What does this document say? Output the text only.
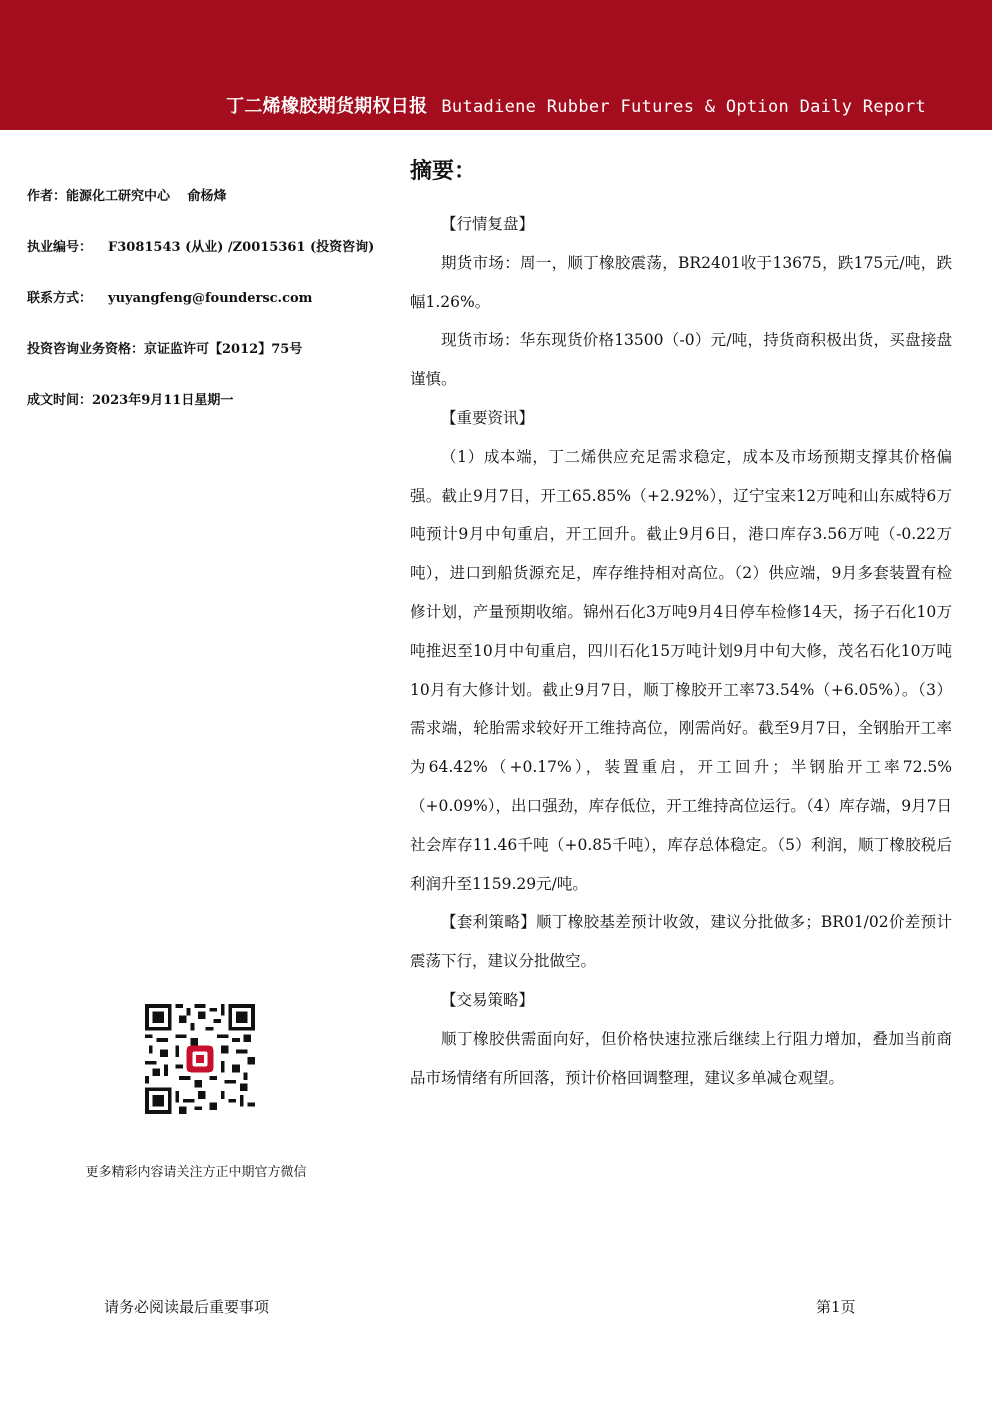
丁二烯橡胶期货期权日报 Butadiene Rubber Futures & Option Daily Report

作者：能源化工研究中心　 俞杨烽

执业编号： F3081543 (从业) /Z0015361 (投资咨询)

联系方式： yuyangfeng@foundersc.com

投资咨询业务资格：京证监许可【2012】75号

成文时间：2023年9月11日星期一

更多精彩内容请关注方正中期官方微信
摘要：

【行情复盘】

期货市场：周一，顺丁橡胶震荡，BR2401收于13675，跌175元/吨，跌幅1.26%。

现货市场：华东现货价格13500（-0）元/吨，持货商积极出货，买盘接盘谨慎。

【重要资讯】

（1）成本端，丁二烯供应充足需求稳定，成本及市场预期支撑其价格偏强。截止9月7日，开工65.85%（+2.92%），辽宁宝来12万吨和山东威特6万吨预计9月中旬重启，开工回升。截止9月6日，港口库存3.56万吨（-0.22万吨），进口到船货源充足，库存维持相对高位。（2）供应端，9月多套装置有检修计划，产量预期收缩。锦州石化3万吨9月4日停车检修14天，扬子石化10万吨推迟至10月中旬重启，四川石化15万吨计划9月中旬大修，茂名石化10万吨10月有大修计划。截止9月7日，顺丁橡胶开工率73.54%（+6.05%）。（3）需求端，轮胎需求较好开工维持高位，刚需尚好。截至9月7日，全钢胎开工率为64.42%（+0.17%），装置重启，开工回升；半钢胎开工率72.5%（+0.09%），出口强劲，库存低位，开工维持高位运行。（4）库存端，9月7日社会库存11.46千吨（+0.85千吨），库存总体稳定。（5）利润，顺丁橡胶税后利润升至1159.29元/吨。

【套利策略】顺丁橡胶基差预计收敛，建议分批做多；BR01/02价差预计震荡下行，建议分批做空。

【交易策略】

顺丁橡胶供需面向好，但价格快速拉涨后继续上行阻力增加，叠加当前商品市场情绪有所回落，预计价格回调整理，建议多单减仓观望。

请务必阅读最后重要事项	第1页
